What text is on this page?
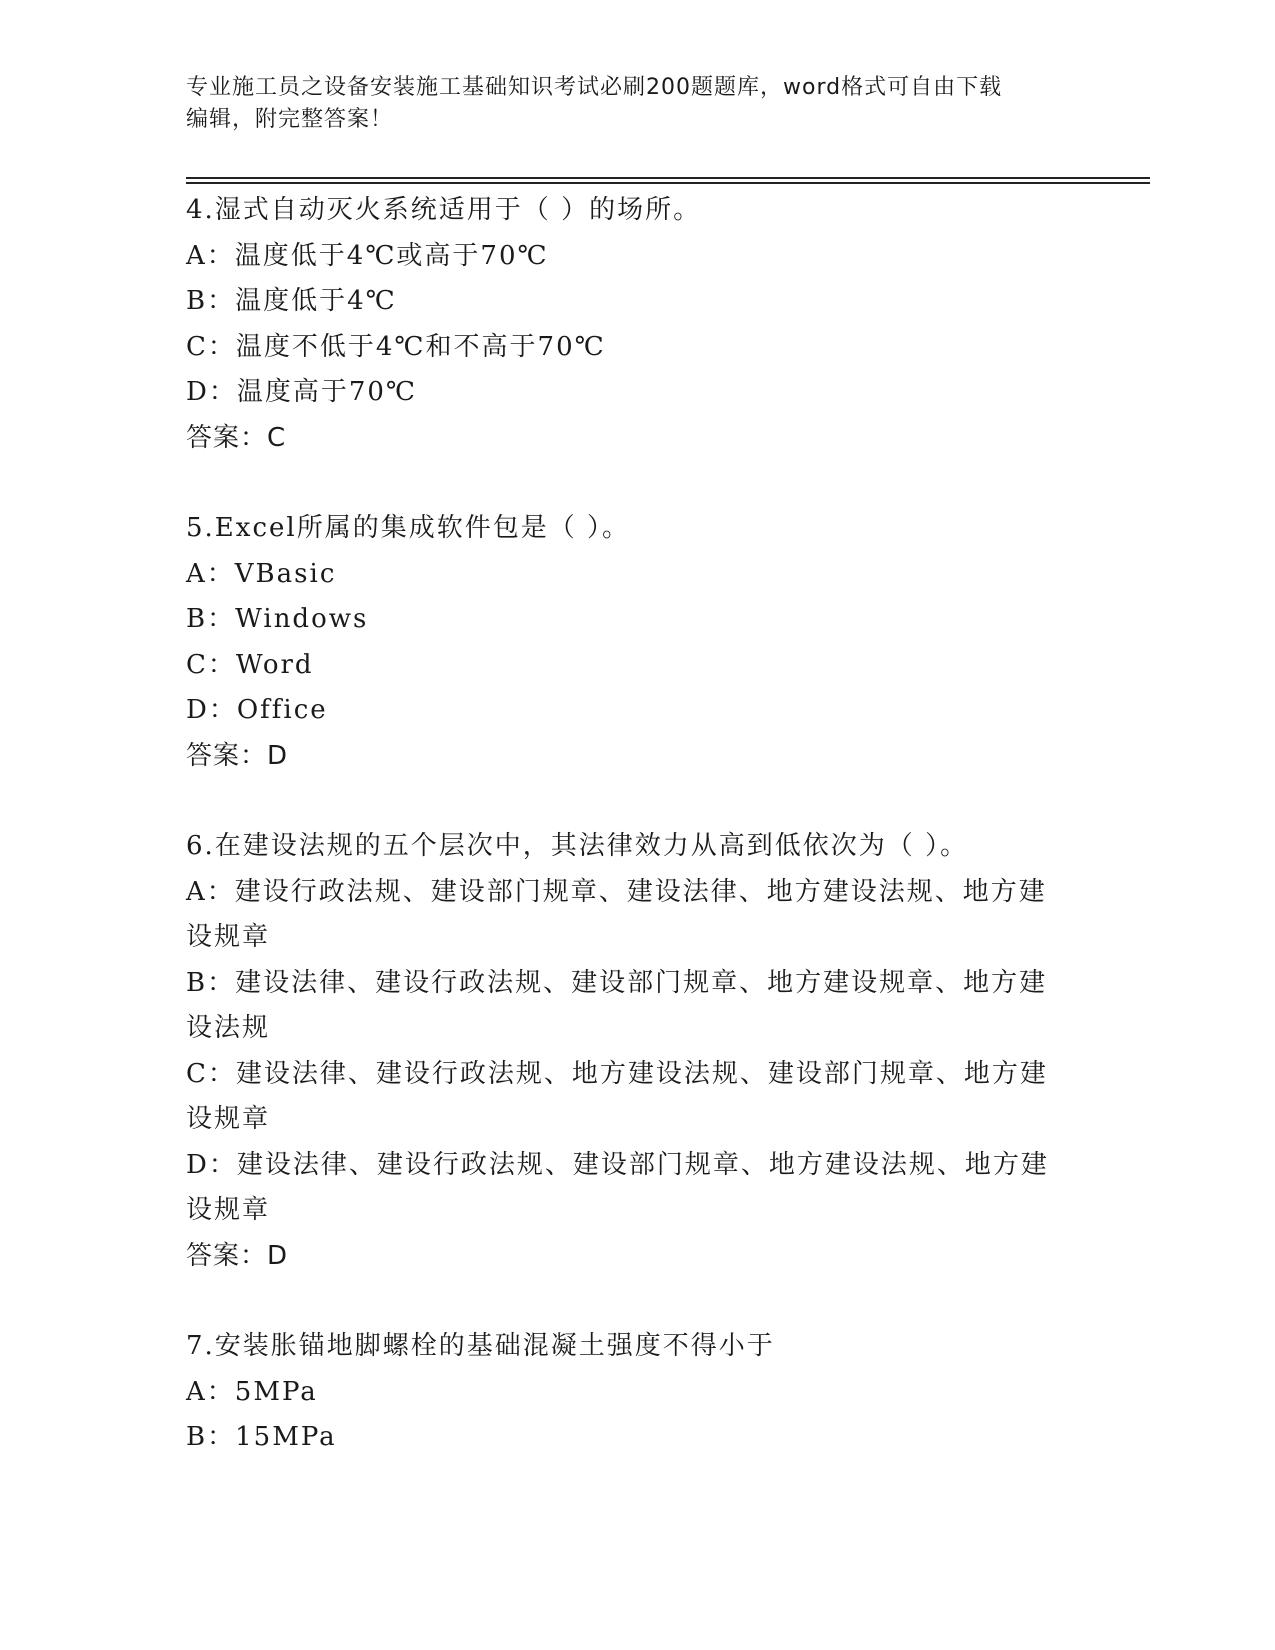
专业施工员之设备安装施工基础知识考试必刷200题题库，word格式可自由下载
编辑，附完整答案！
4.湿式自动灭火系统适用于（ ）的场所。
A：温度低于4℃或高于70℃
B：温度低于4℃
C：温度不低于4℃和不高于70℃
D：温度高于70℃
答案：C
5.Excel所属的集成软件包是（ ）。
A：VBasic
B：Windows
C：Word
D：Office
答案：D
6.在建设法规的五个层次中，其法律效力从高到低依次为（ ）。
A：建设行政法规、建设部门规章、建设法律、地方建设法规、地方建
设规章
B：建设法律、建设行政法规、建设部门规章、地方建设规章、地方建
设法规
C：建设法律、建设行政法规、地方建设法规、建设部门规章、地方建
设规章
D：建设法律、建设行政法规、建设部门规章、地方建设法规、地方建
设规章
答案：D
7.安装胀锚地脚螺栓的基础混凝土强度不得小于
A：5MPa
B：15MPa
